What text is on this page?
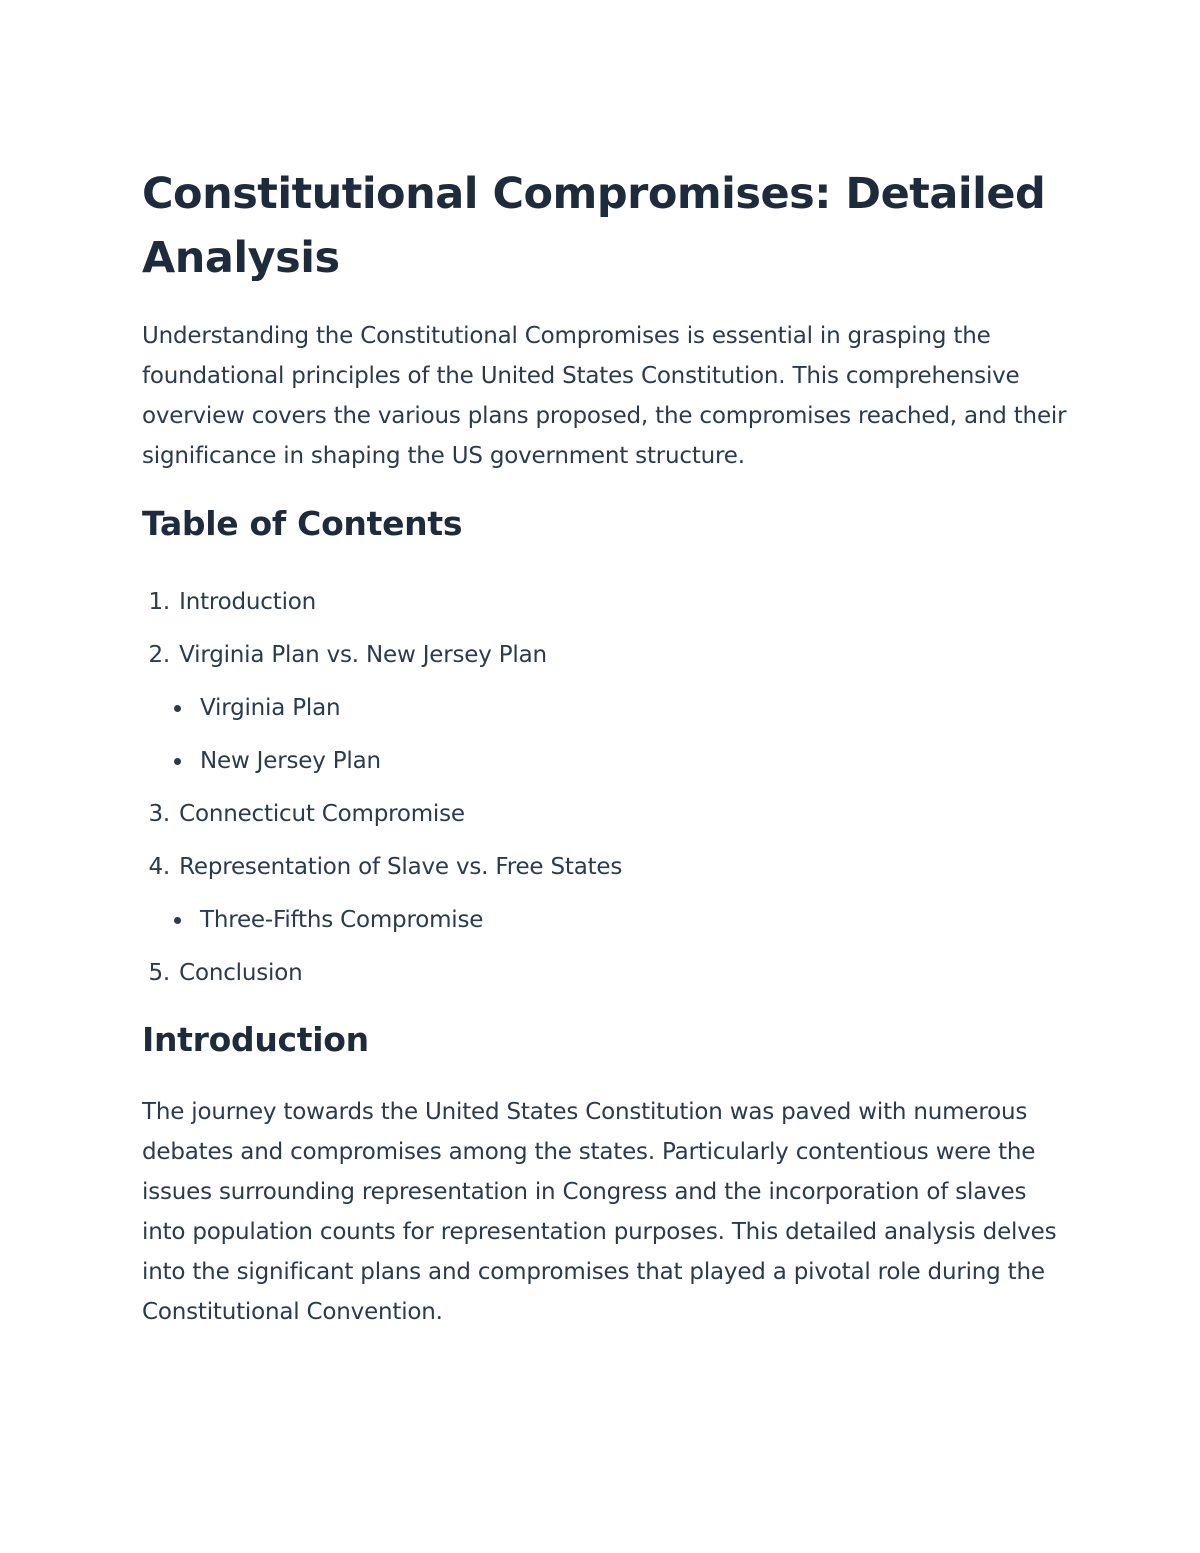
Constitutional Compromises: Detailed Analysis

Understanding the Constitutional Compromises is essential in grasping the foundational principles of the United States Constitution. This comprehensive overview covers the various plans proposed, the compromises reached, and their significance in shaping the US government structure.

Table of Contents
1. Introduction
2. Virginia Plan vs. New Jersey Plan
Virginia Plan
New Jersey Plan
3. Connecticut Compromise
4. Representation of Slave vs. Free States
Three-Fifths Compromise
5. Conclusion
Introduction

The journey towards the United States Constitution was paved with numerous debates and compromises among the states. Particularly contentious were the issues surrounding representation in Congress and the incorporation of slaves into population counts for representation purposes. This detailed analysis delves into the significant plans and compromises that played a pivotal role during the Constitutional Convention.
